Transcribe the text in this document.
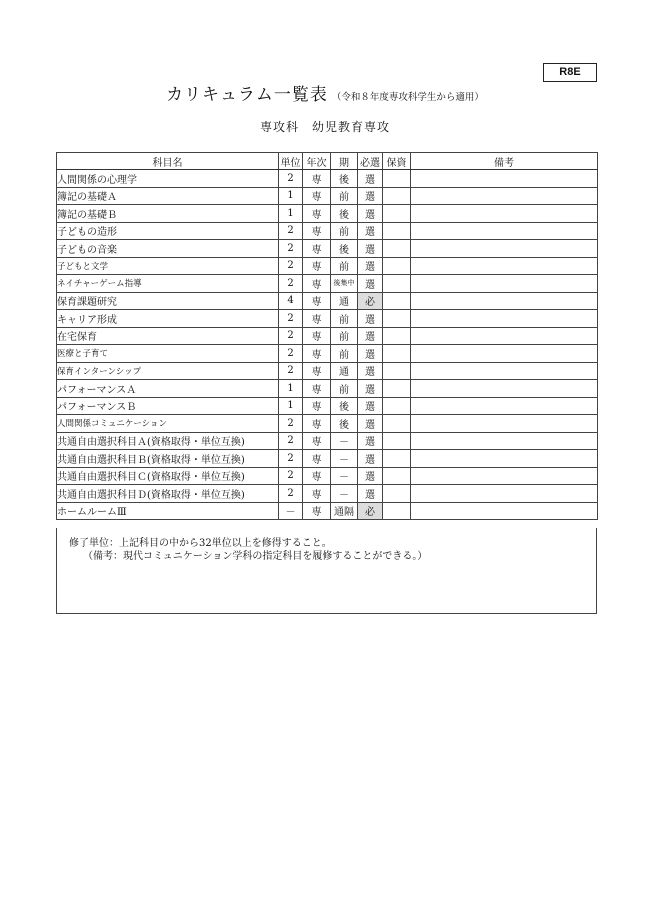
R8E
カリキュラム一覧表 （令和８年度専攻科学生から適用）
専攻科　幼児教育専攻
科目名	単位	年次	期	必選	保資	備考
人間関係の心理学	2	専	後	選		
簿記の基礎Ａ	1	専	前	選		
簿記の基礎Ｂ	1	専	後	選		
子どもの造形	2	専	前	選		
子どもの音楽	2	専	後	選		
子どもと文学	2	専	前	選		
ネイチャーゲーム指導	2	専	後集中	選		
保育課題研究	4	専	通	必		
キャリア形成	2	専	前	選		
在宅保育	2	専	前	選		
医療と子育て	2	専	前	選		
保育インターンシップ	2	専	通	選		
パフォーマンスＡ	1	専	前	選		
パフォーマンスＢ	1	専	後	選		
人間関係コミュニケーション	2	専	後	選		
共通自由選択科目Ａ(資格取得・単位互換)	2	専	－	選		
共通自由選択科目Ｂ(資格取得・単位互換)	2	専	－	選		
共通自由選択科目Ｃ(資格取得・単位互換)	2	専	－	選		
共通自由選択科目Ｄ(資格取得・単位互換)	2	専	－	選		
ホームルームⅢ	－	専	通隔	必		
修了単位：上記科目の中から32単位以上を修得すること。
（備考：現代コミュニケーション学科の指定科目を履修することができる。）
